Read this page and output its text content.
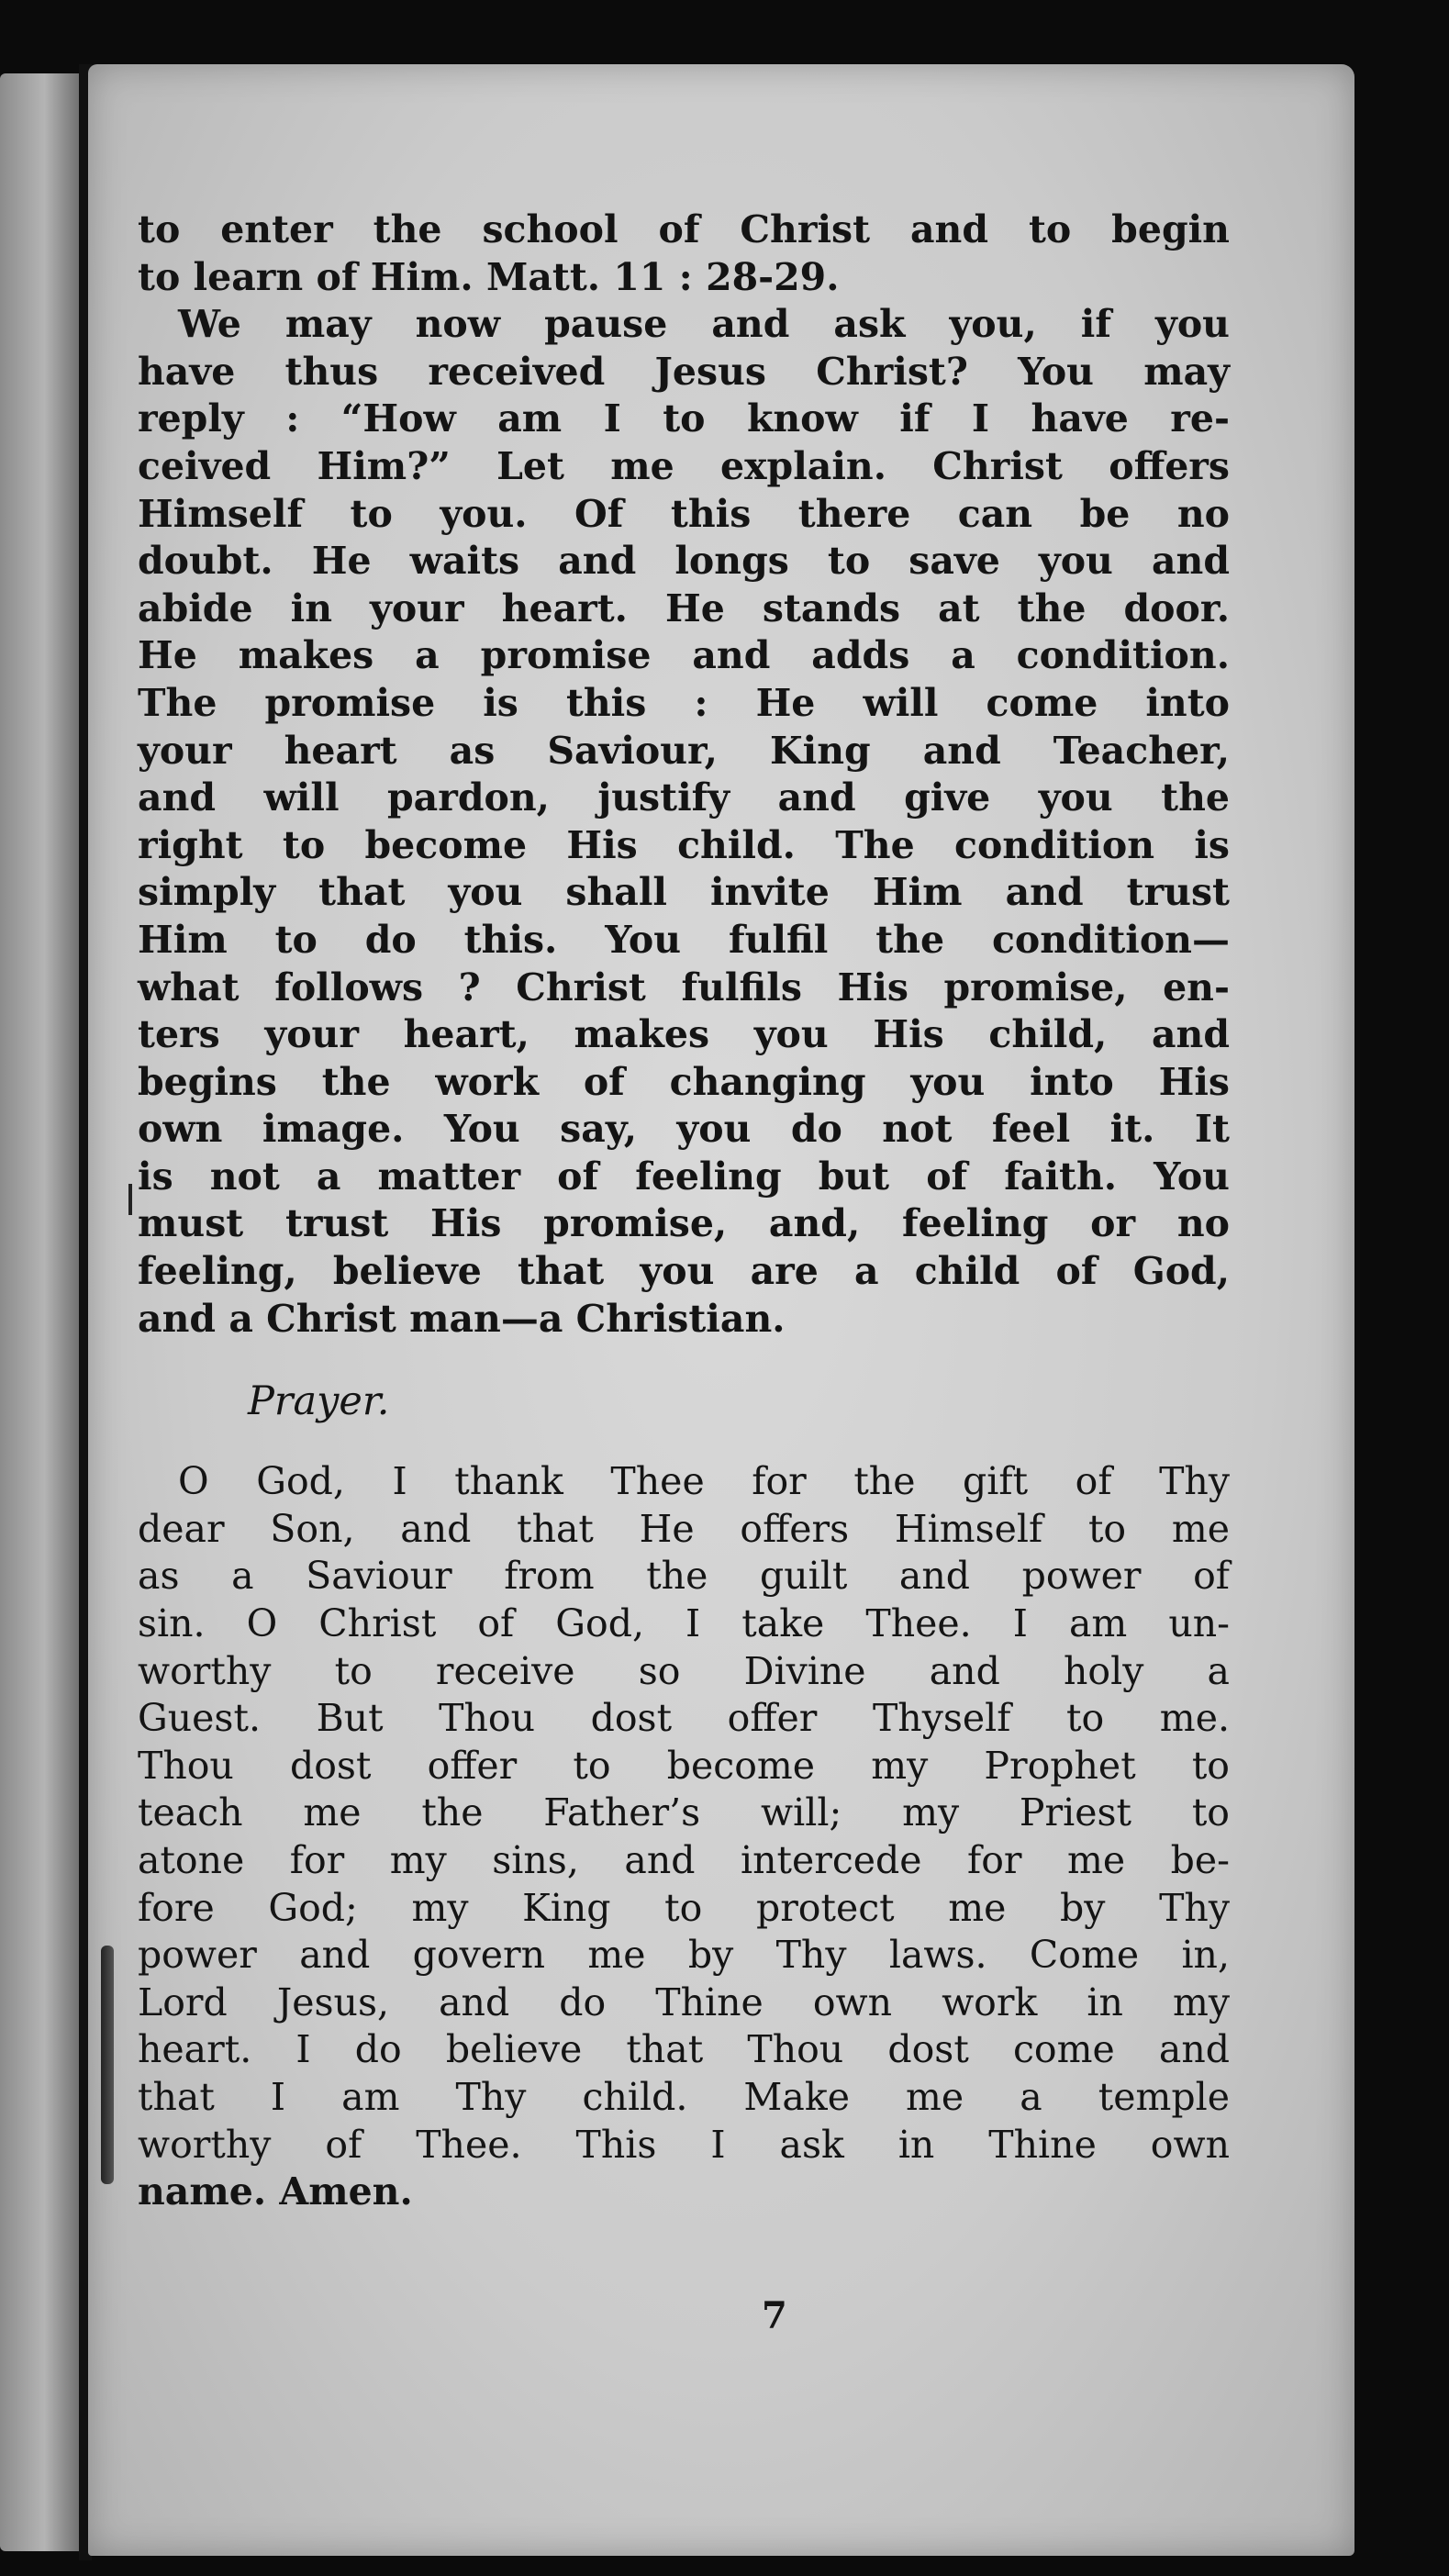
to enter the school of Christ and to begin
to learn of Him. Matt. 11 : 28-29.
We may now pause and ask you, if you
have thus received Jesus Christ? You may
reply : “How am I to know if I have re-
ceived Him?” Let me explain. Christ offers
Himself to you. Of this there can be no
doubt. He waits and longs to save you and
abide in your heart. He stands at the door.
He makes a promise and adds a condition.
The promise is this : He will come into
your heart as Saviour, King and Teacher,
and will pardon, justify and give you the
right to become His child. The condition is
simply that you shall invite Him and trust
Him to do this. You fulfil the condition—
what follows ? Christ fulfils His promise, en-
ters your heart, makes you His child, and
begins the work of changing you into His
own image. You say, you do not feel it. It
is not a matter of feeling but of faith. You
must trust His promise, and, feeling or no
feeling, believe that you are a child of God,
and a Christ man—a Christian.
Prayer.
O God, I thank Thee for the gift of Thy
dear Son, and that He offers Himself to me
as a Saviour from the guilt and power of
sin. O Christ of God, I take Thee. I am un-
worthy to receive so Divine and holy a
Guest. But Thou dost offer Thyself to me.
Thou dost offer to become my Prophet to
teach me the Father’s will; my Priest to
atone for my sins, and intercede for me be-
fore God; my King to protect me by Thy
power and govern me by Thy laws. Come in,
Lord Jesus, and do Thine own work in my
heart. I do believe that Thou dost come and
that I am Thy child. Make me a temple
worthy of Thee. This I ask in Thine own
name. Amen.
7
